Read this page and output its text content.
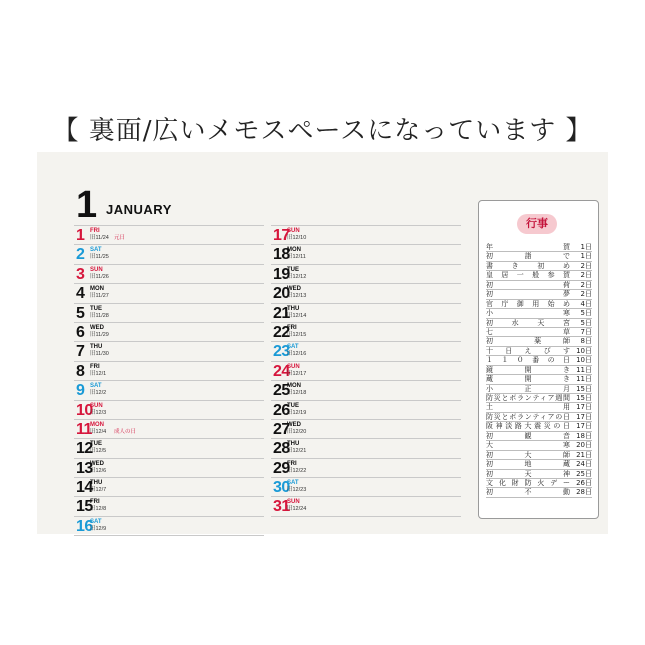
【 裏面/広いメモスペースになっています 】
1 JANUARY
1 FRI
旧11/24 元日
2 SAT
旧11/25
3 SUN
旧11/26
4 MON
旧11/27
5 TUE
旧11/28
6 WED
旧11/29
7 THU
旧11/30
8 FRI
旧12/1
9 SAT
旧12/2
10
SUN
旧12/3
11
MON
旧12/4 成人の日
12
TUE
旧12/5
13
WED
旧12/6
14
THU
旧12/7
15
FRI
旧12/8
16
SAT
旧12/9
17
SUN
旧12/10
18
MON
旧12/11
19
TUE
旧12/12
20
WED
旧12/13
21
THU
旧12/14
22
FRI
旧12/15
23
SAT
旧12/16
24
SUN
旧12/17
25
MON
旧12/18
26
TUE
旧12/19
27
WED
旧12/20
28
THU
旧12/21
29
FRI
旧12/22
30
SAT
旧12/23
31
SUN
旧12/24
行事
年　　賀 1日
初　　詣　　で 1日
書　き　初　め 2日
皇居一般参賀 2日
初　　　　荷 2日
初　　　　夢 2日
官庁御用始め 4日
小　　　　寒 5日
初　水　天　宮 5日
七　　　　草 7日
初　　　　薬　　師 8日
十　日　え　び　す 10日
１　１　０　番　の　日 10日
鏡　　　開　　　き 11日
蔵　　　開　　　き 11日
小　　　正　　　月 15日
防災とボランティア週間 15日
土　　　　　　　用 17日
防災とボランティアの日 17日
阪神淡路大震災の日 17日
初　　　観　　　音 18日
大　　　　　　　寒 20日
初　　　大　　　師 21日
初　　　地　　　蔵 24日
初　　　天　　　神 25日
文化財防火デー 26日
初　　　不　　　動 28日
